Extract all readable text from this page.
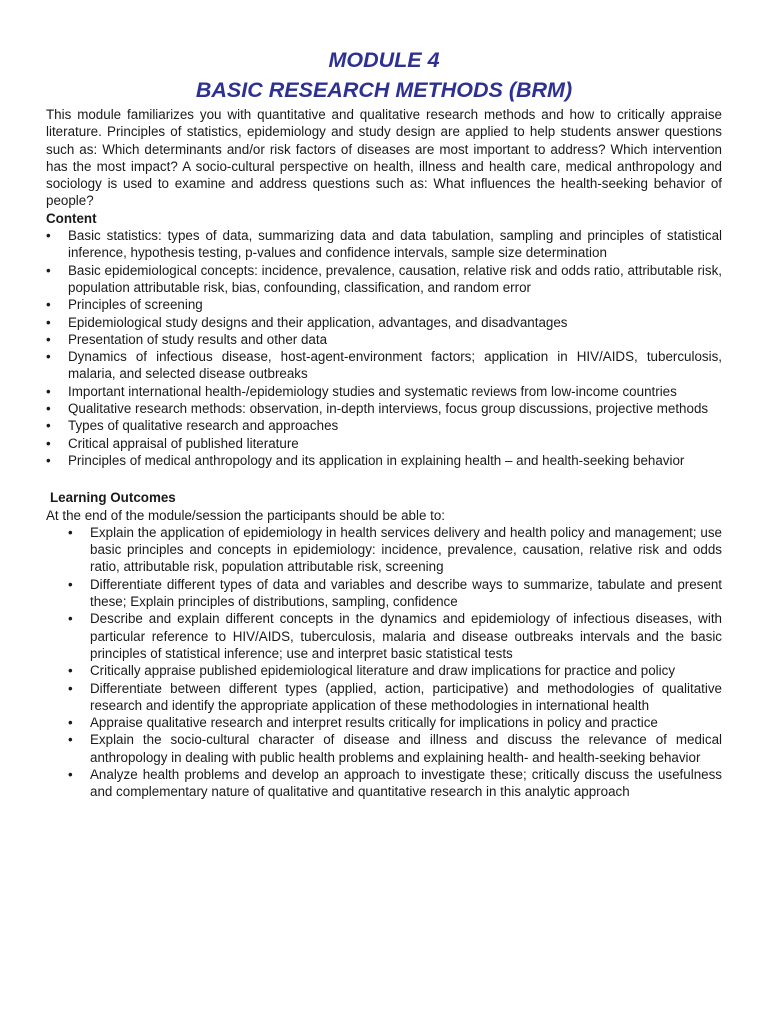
MODULE 4
BASIC RESEARCH METHODS (BRM)

This module familiarizes you with quantitative and qualitative research methods and how to critically appraise literature. Principles of statistics, epidemiology and study design are applied to help students answer questions such as: Which determinants and/or risk factors of diseases are most important to address? Which intervention has the most impact? A socio-cultural perspective on health, illness and health care, medical anthropology and sociology is used to examine and address questions such as: What influences the health-seeking behavior of people?

Content
• Basic statistics: types of data, summarizing data and data tabulation, sampling and principles of statistical inference, hypothesis testing, p-values and confidence intervals, sample size determination
• Basic epidemiological concepts: incidence, prevalence, causation, relative risk and odds ratio, attributable risk, population attributable risk, bias, confounding, classification, and random error
• Principles of screening
• Epidemiological study designs and their application, advantages, and disadvantages
• Presentation of study results and other data
• Dynamics of infectious disease, host-agent-environment factors; application in HIV/AIDS, tuberculosis, malaria, and selected disease outbreaks
• Important international health-/epidemiology studies and systematic reviews from low-income countries
• Qualitative research methods: observation, in-depth interviews, focus group discussions, projective methods
• Types of qualitative research and approaches
• Critical appraisal of published literature
• Principles of medical anthropology and its application in explaining health – and health-seeking behavior
Learning Outcomes

At the end of the module/session the participants should be able to:

• Explain the application of epidemiology in health services delivery and health policy and management; use basic principles and concepts in epidemiology: incidence, prevalence, causation, relative risk and odds ratio, attributable risk, population attributable risk, screening
• Differentiate different types of data and variables and describe ways to summarize, tabulate and present these; Explain principles of distributions, sampling, confidence
• Describe and explain different concepts in the dynamics and epidemiology of infectious diseases, with particular reference to HIV/AIDS, tuberculosis, malaria and disease outbreaks intervals and the basic principles of statistical inference; use and interpret basic statistical tests
• Critically appraise published epidemiological literature and draw implications for practice and policy
• Differentiate between different types (applied, action, participative) and methodologies of qualitative research and identify the appropriate application of these methodologies in international health
• Appraise qualitative research and interpret results critically for implications in policy and practice
• Explain the socio-cultural character of disease and illness and discuss the relevance of medical anthropology in dealing with public health problems and explaining health- and health-seeking behavior
• Analyze health problems and develop an approach to investigate these; critically discuss the usefulness and complementary nature of qualitative and quantitative research in this analytic approach
